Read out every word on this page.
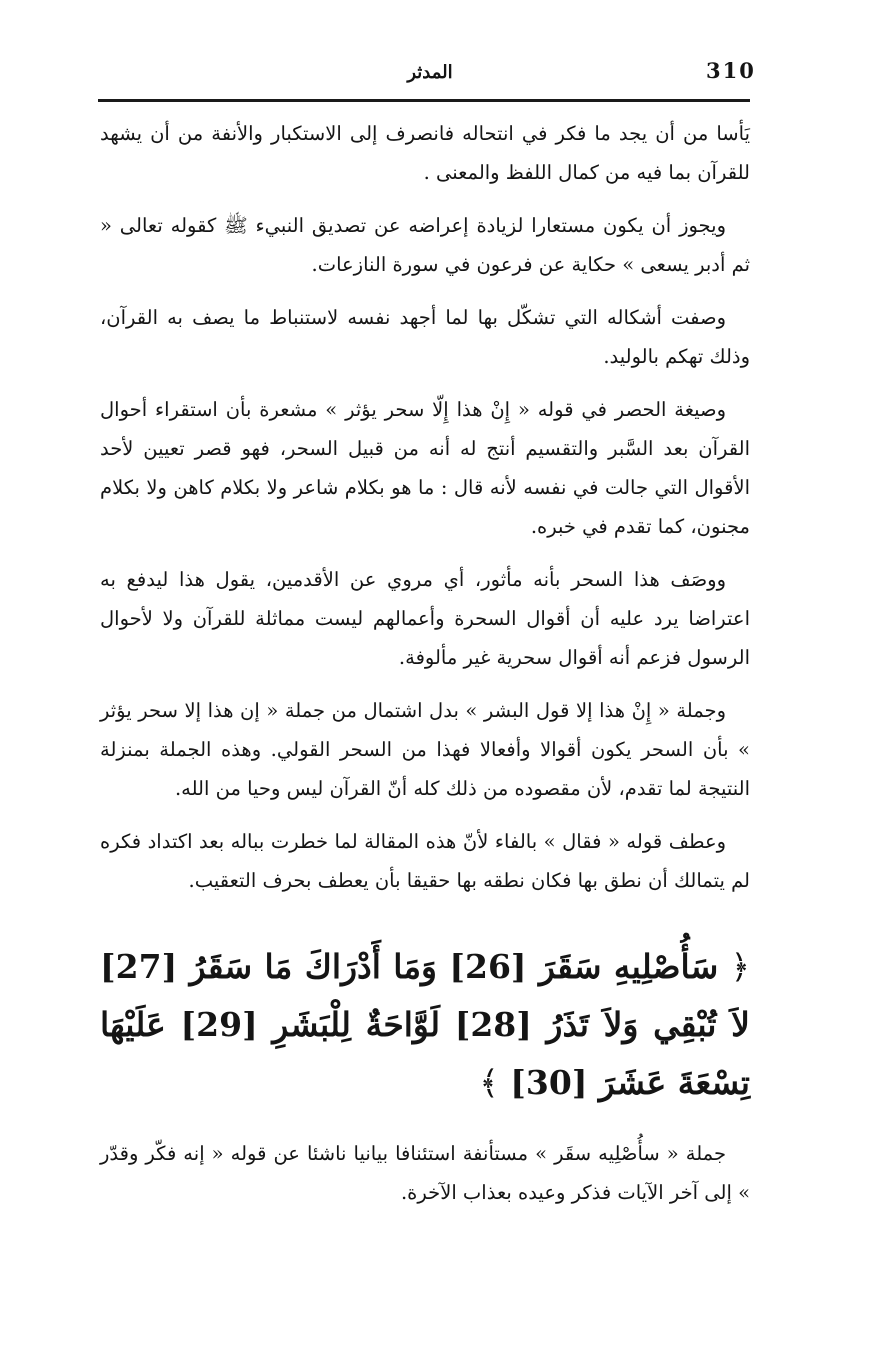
310
المدثر

يَأسا من أن يجد ما فكر في انتحاله فانصرف إلى الاستكبار والأنفة من أن يشهد للقرآن بما فيه من كمال اللفظ والمعنى .

ويجوز أن يكون مستعارا لزيادة إعراضه عن تصديق النبيء ﷺ كقوله تعالى « ثم أدبر يسعى » حكاية عن فرعون في سورة النازعات.

وصفت أشكاله التي تشكّل بها لما أجهد نفسه لاستنباط ما يصف به القرآن، وذلك تهكم بالوليد.

وصيغة الحصر في قوله « إِنْ هذا إِلّا سحر يؤثر » مشعرة بأن استقراء أحوال القرآن بعد السَّبر والتقسيم أنتج له أنه من قبيل السحر، فهو قصر تعيين لأحد الأقوال التي جالت في نفسه لأنه قال : ما هو بكلام شاعر ولا بكلام كاهن ولا بكلام مجنون، كما تقدم في خبره.

ووصَف هذا السحر بأنه مأثور، أي مروي عن الأقدمين، يقول هذا ليدفع به اعتراضا يرد عليه أن أقوال السحرة وأعمالهم ليست مماثلة للقرآن ولا لأحوال الرسول فزعم أنه أقوال سحرية غير مألوفة.

وجملة « إِنْ هذا إلا قول البشر » بدل اشتمال من جملة « إن هذا إلا سحر يؤثر » بأن السحر يكون أقوالا وأفعالا فهذا من السحر القولي. وهذه الجملة بمنزلة النتيجة لما تقدم، لأن مقصوده من ذلك كله أنّ القرآن ليس وحيا من الله.

وعطف قوله « فقال » بالفاء لأنّ هذه المقالة لما خطرت بباله بعد اكتداد فكره لم يتمالك أن نطق بها فكان نطقه بها حقيقا بأن يعطف بحرف التعقيب.

﴿ سَأُصْلِيهِ سَقَرَ [26] وَمَا أَدْرَاكَ مَا سَقَرُ [27] لاَ تُبْقِي وَلاَ تَذَرُ [28] لَوَّاحَةٌ لِلْبَشَرِ [29] عَلَيْهَا تِسْعَةَ عَشَرَ [30] ﴾

جملة « سأُصْلِيه سقَر » مستأنفة استئنافا بيانيا ناشئا عن قوله « إنه فكّر وقدّر » إلى آخر الآيات فذكر وعيده بعذاب الآخرة.
